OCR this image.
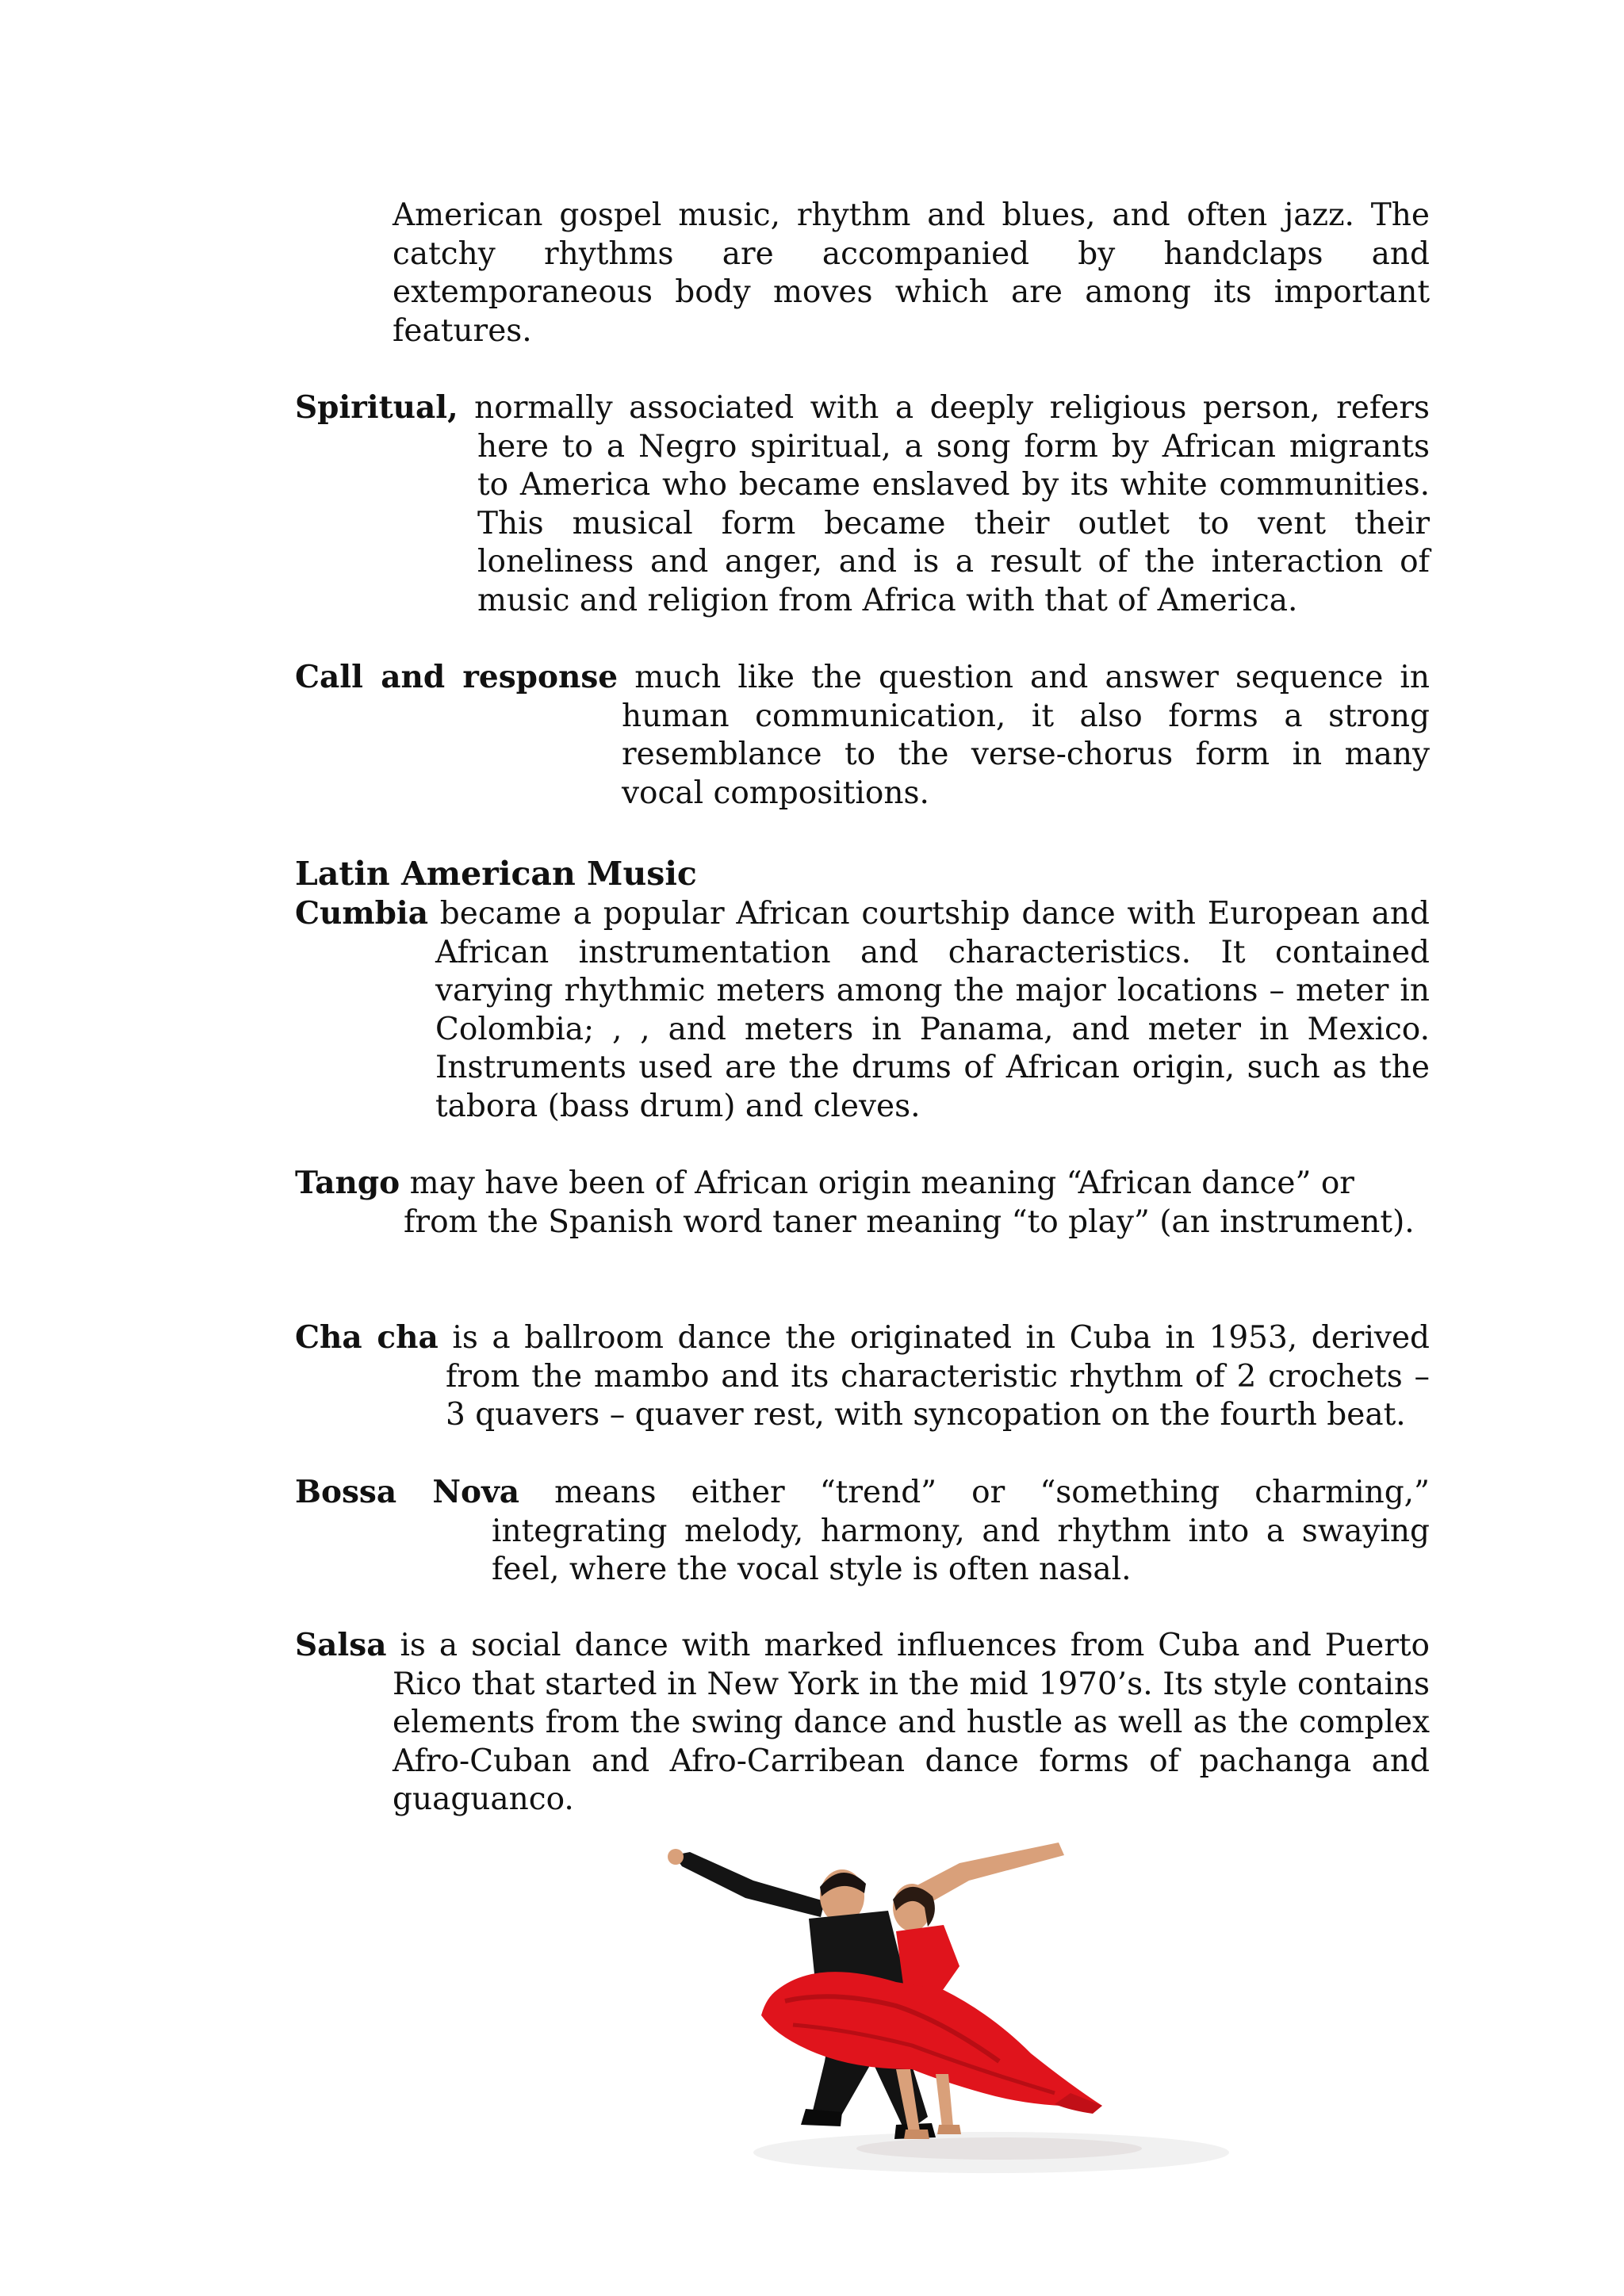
American gospel music, rhythm and blues, and often jazz. The catchy rhythms are accompanied by handclaps and extemporaneous body moves which are among its important features.

Spiritual, normally associated with a deeply religious person, refers here to a Negro spiritual, a song form by African migrants to America who became enslaved by its white communities. This musical form became their outlet to vent their loneliness and anger, and is a result of the interaction of music and religion from Africa with that of America.

Call and response much like the question and answer sequence in human communication, it also forms a strong resemblance to the verse-chorus form in many vocal compositions.

Latin American Music

Cumbia became a popular African courtship dance with European and African instrumentation and characteristics. It contained varying rhythmic meters among the major locations – meter in Colombia; , , and meters in Panama, and meter in Mexico. Instruments used are the drums of African origin, such as the tabora (bass drum) and cleves.

Tango may have been of African origin meaning “African dance” or from the Spanish word taner meaning “to play” (an instrument).

Cha cha is a ballroom dance the originated in Cuba in 1953, derived from the mambo and its characteristic rhythm of 2 crochets – 3 quavers – quaver rest, with syncopation on the fourth beat.

Bossa Nova means either “trend” or “something charming,” integrating melody, harmony, and rhythm into a swaying feel, where the vocal style is often nasal.

Salsa is a social dance with marked influences from Cuba and Puerto Rico that started in New York in the mid 1970’s. Its style contains elements from the swing dance and hustle as well as the complex Afro-Cuban and Afro-Carribean dance forms of pachanga and guaguanco.
